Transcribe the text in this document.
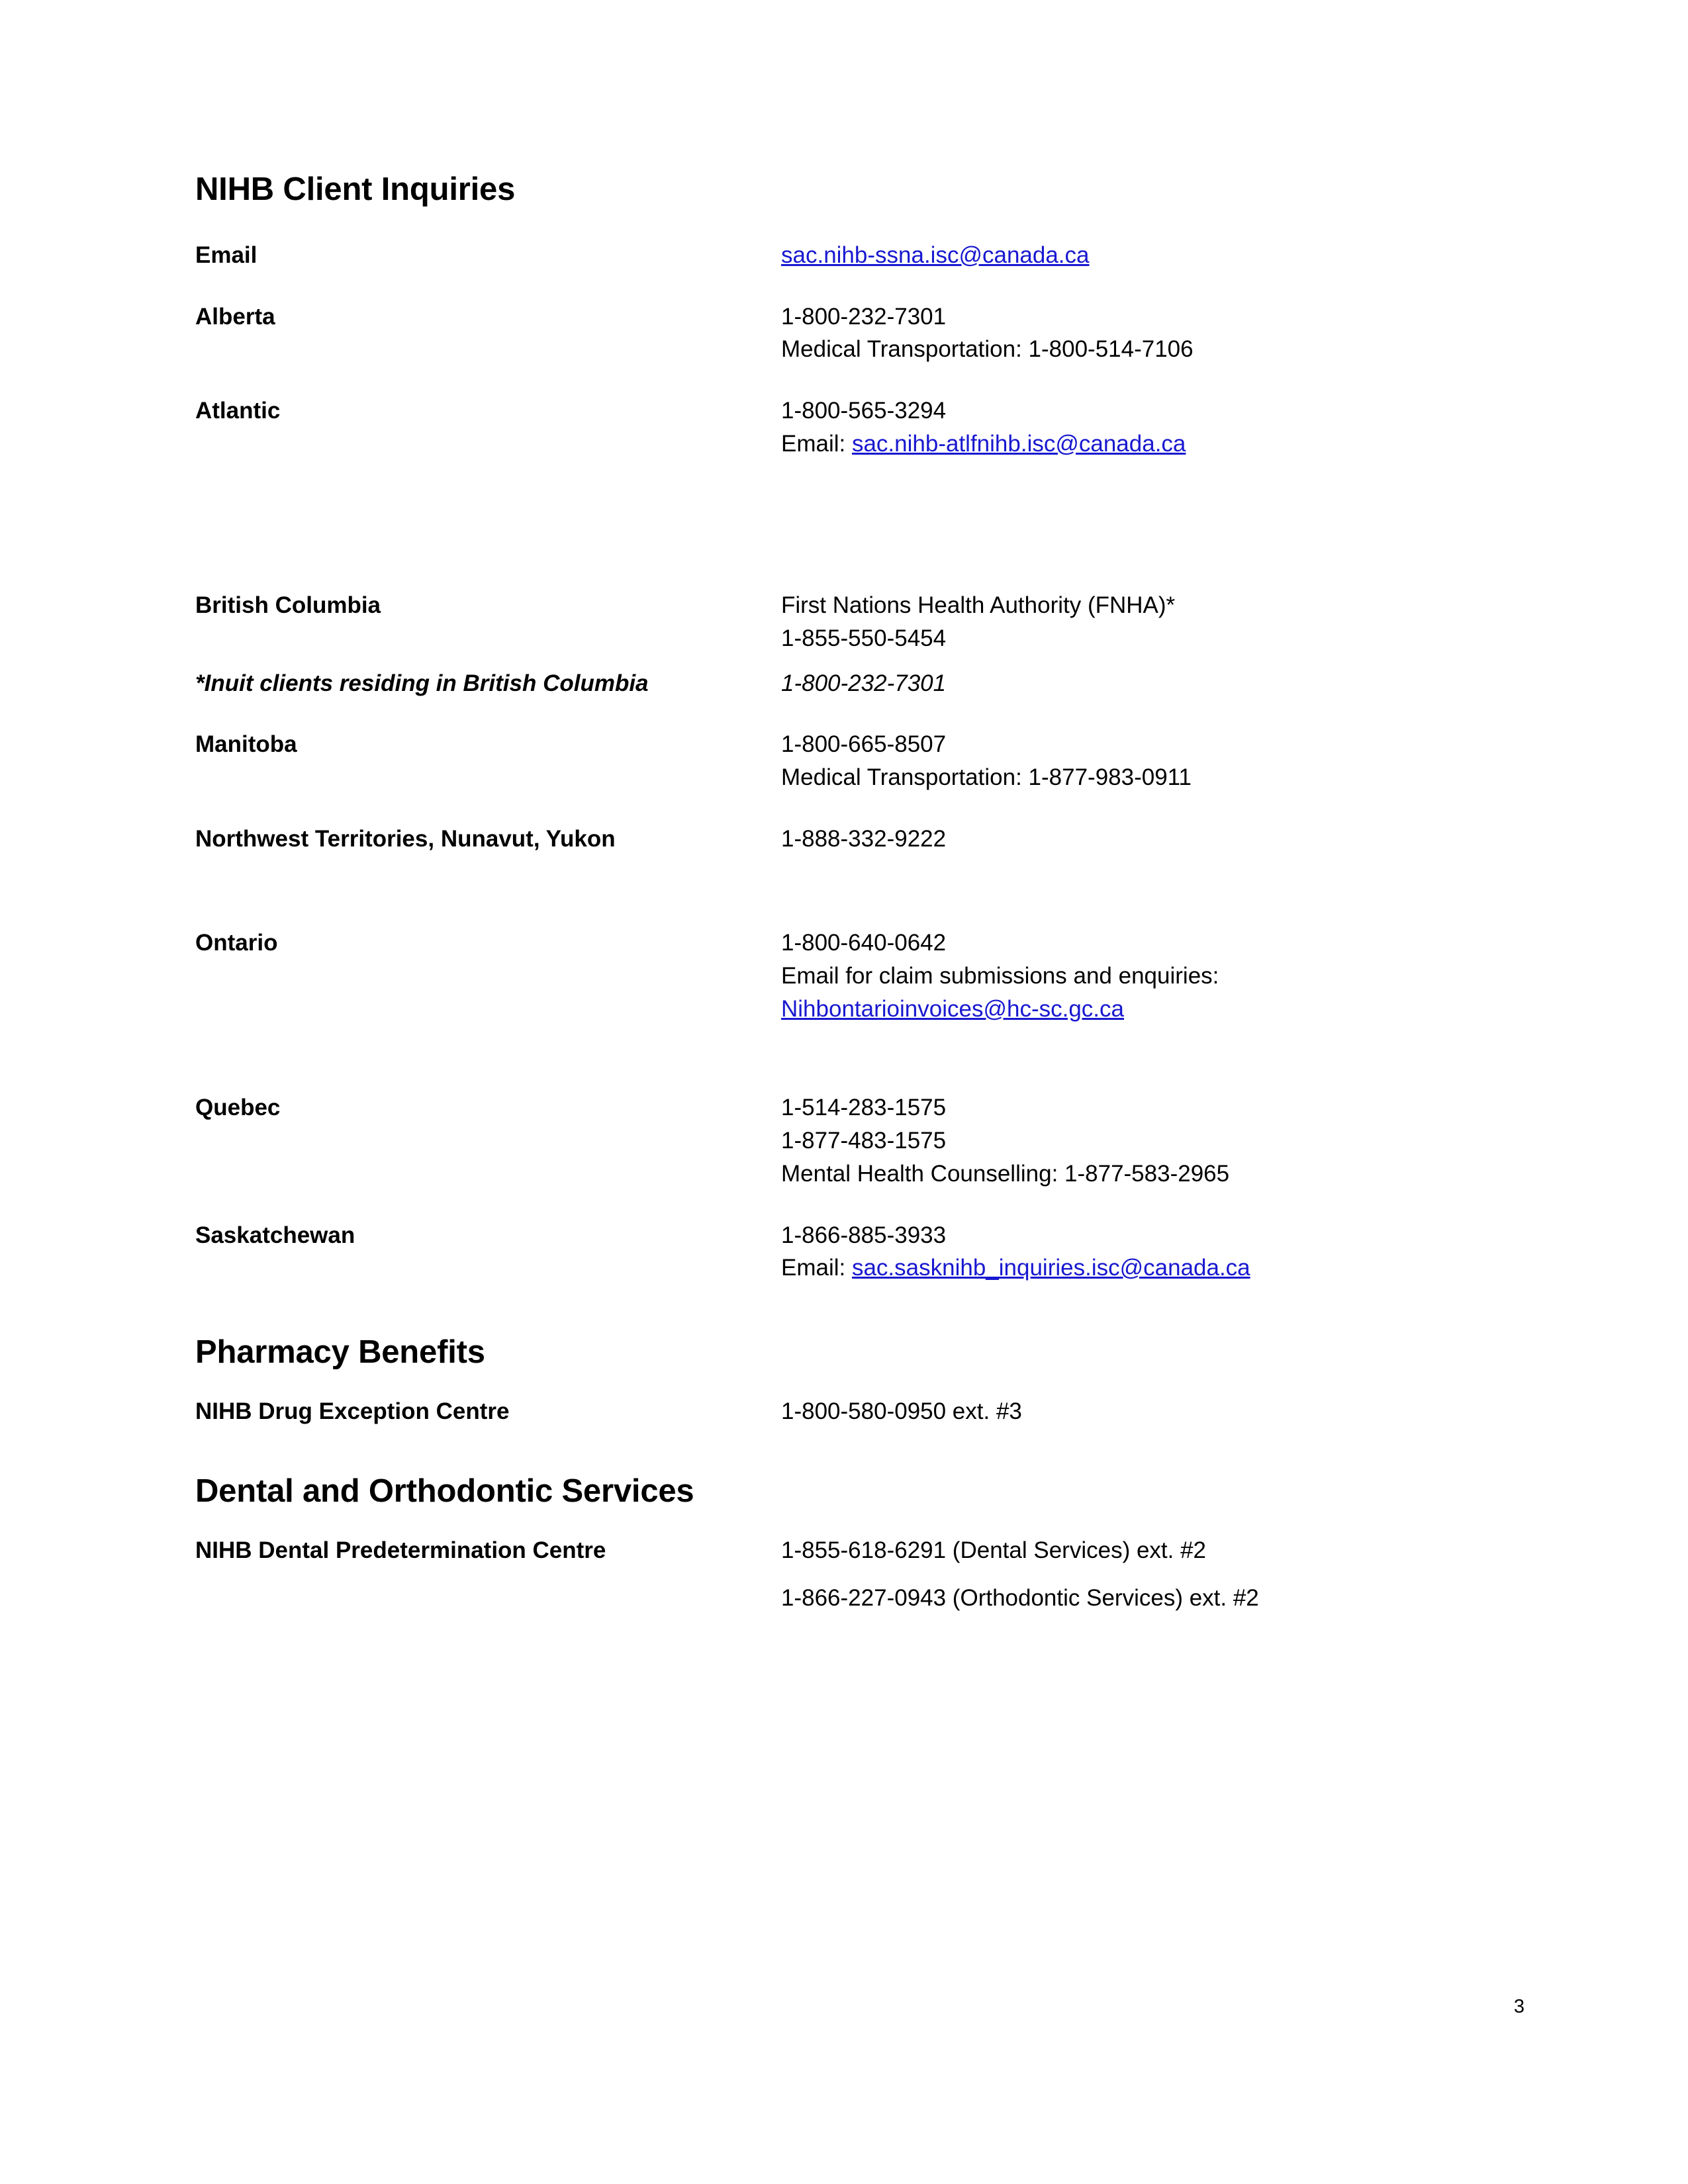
NIHB Client Inquiries
Email	sac.nihb-ssna.isc@canada.ca
Alberta	1-800-232-7301
Medical Transportation: 1-800-514-7106
Atlantic	1-800-565-3294
Email: sac.nihb-atlfnihb.isc@canada.ca
British Columbia	First Nations Health Authority (FNHA)*
1-855-550-5454
*Inuit clients residing in British Columbia	1-800-232-7301
Manitoba	1-800-665-8507
Medical Transportation: 1-877-983-0911
Northwest Territories, Nunavut, Yukon	1-888-332-9222
Ontario	1-800-640-0642
Email for claim submissions and enquiries:
Nihbontarioinvoices@hc-sc.gc.ca
Quebec	1-514-283-1575
1-877-483-1575
Mental Health Counselling: 1-877-583-2965
Saskatchewan	1-866-885-3933
Email: sac.sasknihb_inquiries.isc@canada.ca
Pharmacy Benefits
NIHB Drug Exception Centre	1-800-580-0950 ext. #3
Dental and Orthodontic Services
NIHB Dental Predetermination Centre	1-855-618-6291 (Dental Services) ext. #2
1-866-227-0943 (Orthodontic Services) ext. #2
3
